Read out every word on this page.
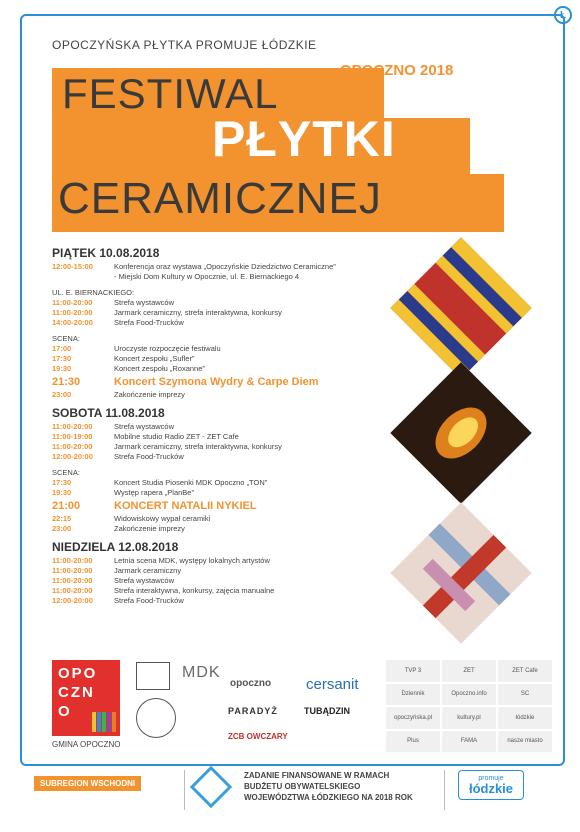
Ł
OPOCZYŃSKA PŁYTKA PROMUJE ŁÓDZKIE
FESTIWAL
PŁYTKI
CERAMICZNEJ
OPOCZNO 2018
PIĄTEK 10.08.2018
12:00-15:00	Konferencja oraz wystawa „Opoczyńskie Dziedzictwo Ceramiczne”
- Miejski Dom Kultury w Opocznie, ul. E. Biernackiego 4
UL. E. BIERNACKIEGO:
11:00-20:00	Strefa wystawców
11:00-20:00	Jarmark ceramiczny, strefa interaktywna, konkursy
14:00-20:00	Strefa Food-Trucków
SCENA:
17:00	Uroczyste rozpoczęcie festiwalu
17:30	Koncert zespołu „Sufler”
19:30	Koncert zespołu „Roxanne”
21:30	Koncert Szymona Wydry & Carpe Diem
23:00	Zakończenie imprezy
SOBOTA 11.08.2018
11:00-20:00	Strefa wystawców
11:00-19:00	Mobilne studio Radio ZET - ZET Cafe
11:00-20:00	Jarmark ceramiczny, strefa interaktywna, konkursy
12:00-20:00	Strefa Food-Trucków
SCENA:
17:30	Koncert Studia Piosenki MDK Opoczno „TON”
19:30	Występ rapera „PlanBe”
21:00	KONCERT NATALII NYKIEL
22:15	Widowiskowy wypał ceramiki
23:00	Zakończenie imprezy
NIEDZIELA 12.08.2018
11:00-20:00	Letnia scena MDK, występy lokalnych artystów
11:00-20:00	Jarmark ceramiczny
11:00-20:00	Strefa wystawców
11:00-20:00	Strefa interaktywna, konkursy, zajęcia manualne
12:00-20:00	Strefa Food-Trucków
OPO
CZN
O
GMINA OPOCZNO
MDK
opoczno cersanit
PARADYŻ	TUBĄDZIN
ZCB OWCZARY
TVP 3	ZET	ZET Cafe
Dziennik	Opoczno.info	SC
opoczyńska.pl	kultury.pl	łódzkie
Plus	FAMA	nasze miasto
SUBREGION WSCHODNI
ZADANIE FINANSOWANE W RAMACH
BUDŻETU OBYWATELSKIEGO
WOJEWÓDZTWA ŁÓDZKIEGO NA 2018 ROK
promuje
łódzkie
